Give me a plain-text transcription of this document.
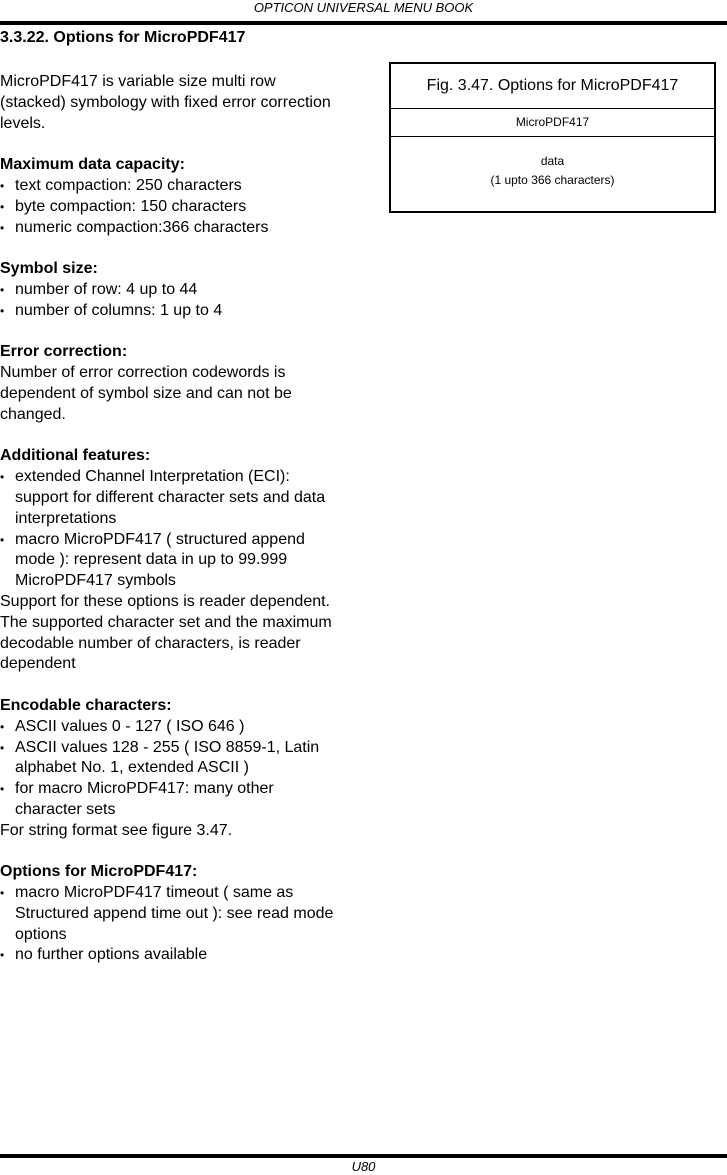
OPTICON UNIVERSAL MENU BOOK
3.3.22. Options for MicroPDF417

MicroPDF417 is variable size multi row
(stacked) symbology with fixed error correction
levels.

Maximum data capacity:
• text compaction: 250 characters
• byte compaction: 150 characters
• numeric compaction:366 characters
Symbol size:
• number of row: 4 up to 44
• number of columns: 1 up to 4
Error correction:

Number of error correction codewords is
dependent of symbol size and can not be
changed.

Additional features:
• extended Channel Interpretation (ECI):
support for different character sets and data
interpretations
• macro MicroPDF417 ( structured append
mode ): represent data in up to 99.999
MicroPDF417 symbols

Support for these options is reader dependent.
The supported character set and the maximum
decodable number of characters, is reader
dependent

Encodable characters:
• ASCII values 0 - 127 ( ISO 646 )
• ASCII values 128 - 255 ( ISO 8859-1, Latin
alphabet No. 1, extended ASCII )
• for macro MicroPDF417: many other
character sets

For string format see figure 3.47.

Options for MicroPDF417:
• macro MicroPDF417 timeout ( same as
Structured append time out ): see read mode
options
• no further options available
Fig. 3.47. Options for MicroPDF417
MicroPDF417
data
(1 upto 366 characters)
U80
